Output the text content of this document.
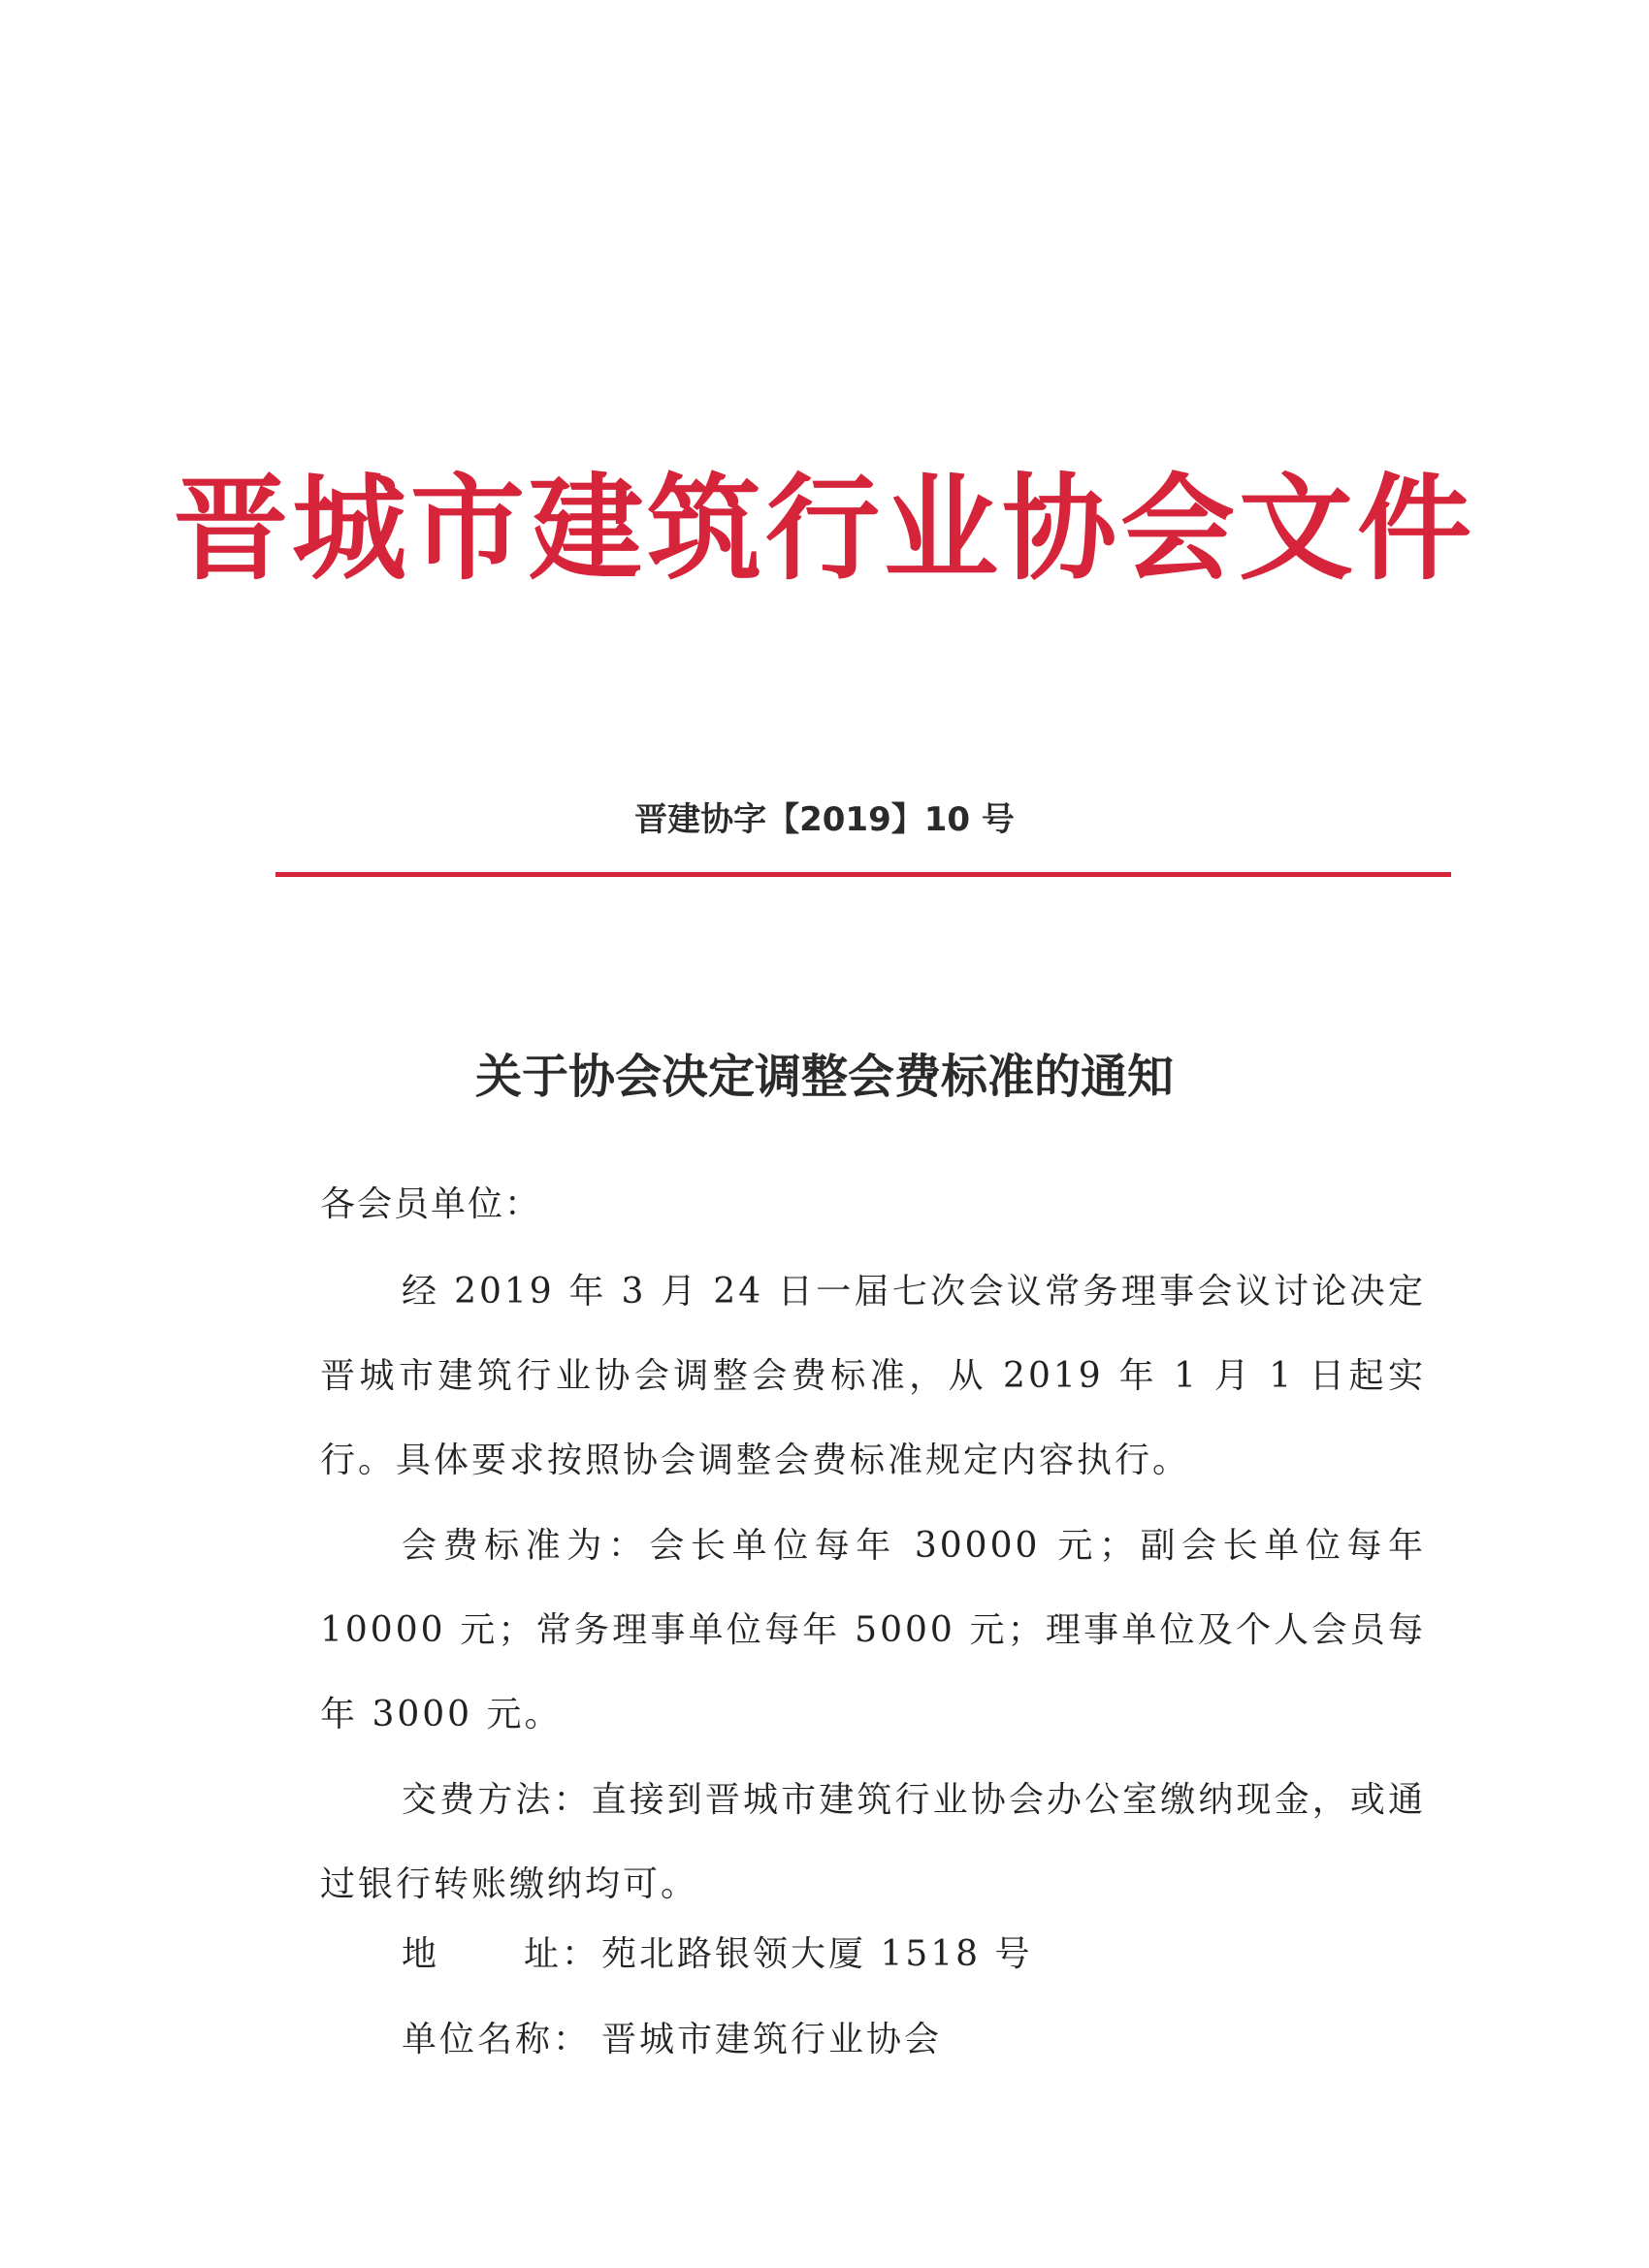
晋城市建筑行业协会文件
晋建协字【2019】10 号
关于协会决定调整会费标准的通知
各会员单位：

经 2019 年 3 月 24 日一届七次会议常务理事会议讨论决定晋城市建筑行业协会调整会费标准，从 2019 年 1 月 1 日起实行。具体要求按照协会调整会费标准规定内容执行。

会费标准为：会长单位每年 30000 元；副会长单位每年 10000 元；常务理事单位每年 5000 元；理事单位及个人会员每年 3000 元。

交费方法：直接到晋城市建筑行业协会办公室缴纳现金，或通过银行转账缴纳均可。

地 址：苑北路银领大厦 1518 号
单位名称： 晋城市建筑行业协会
